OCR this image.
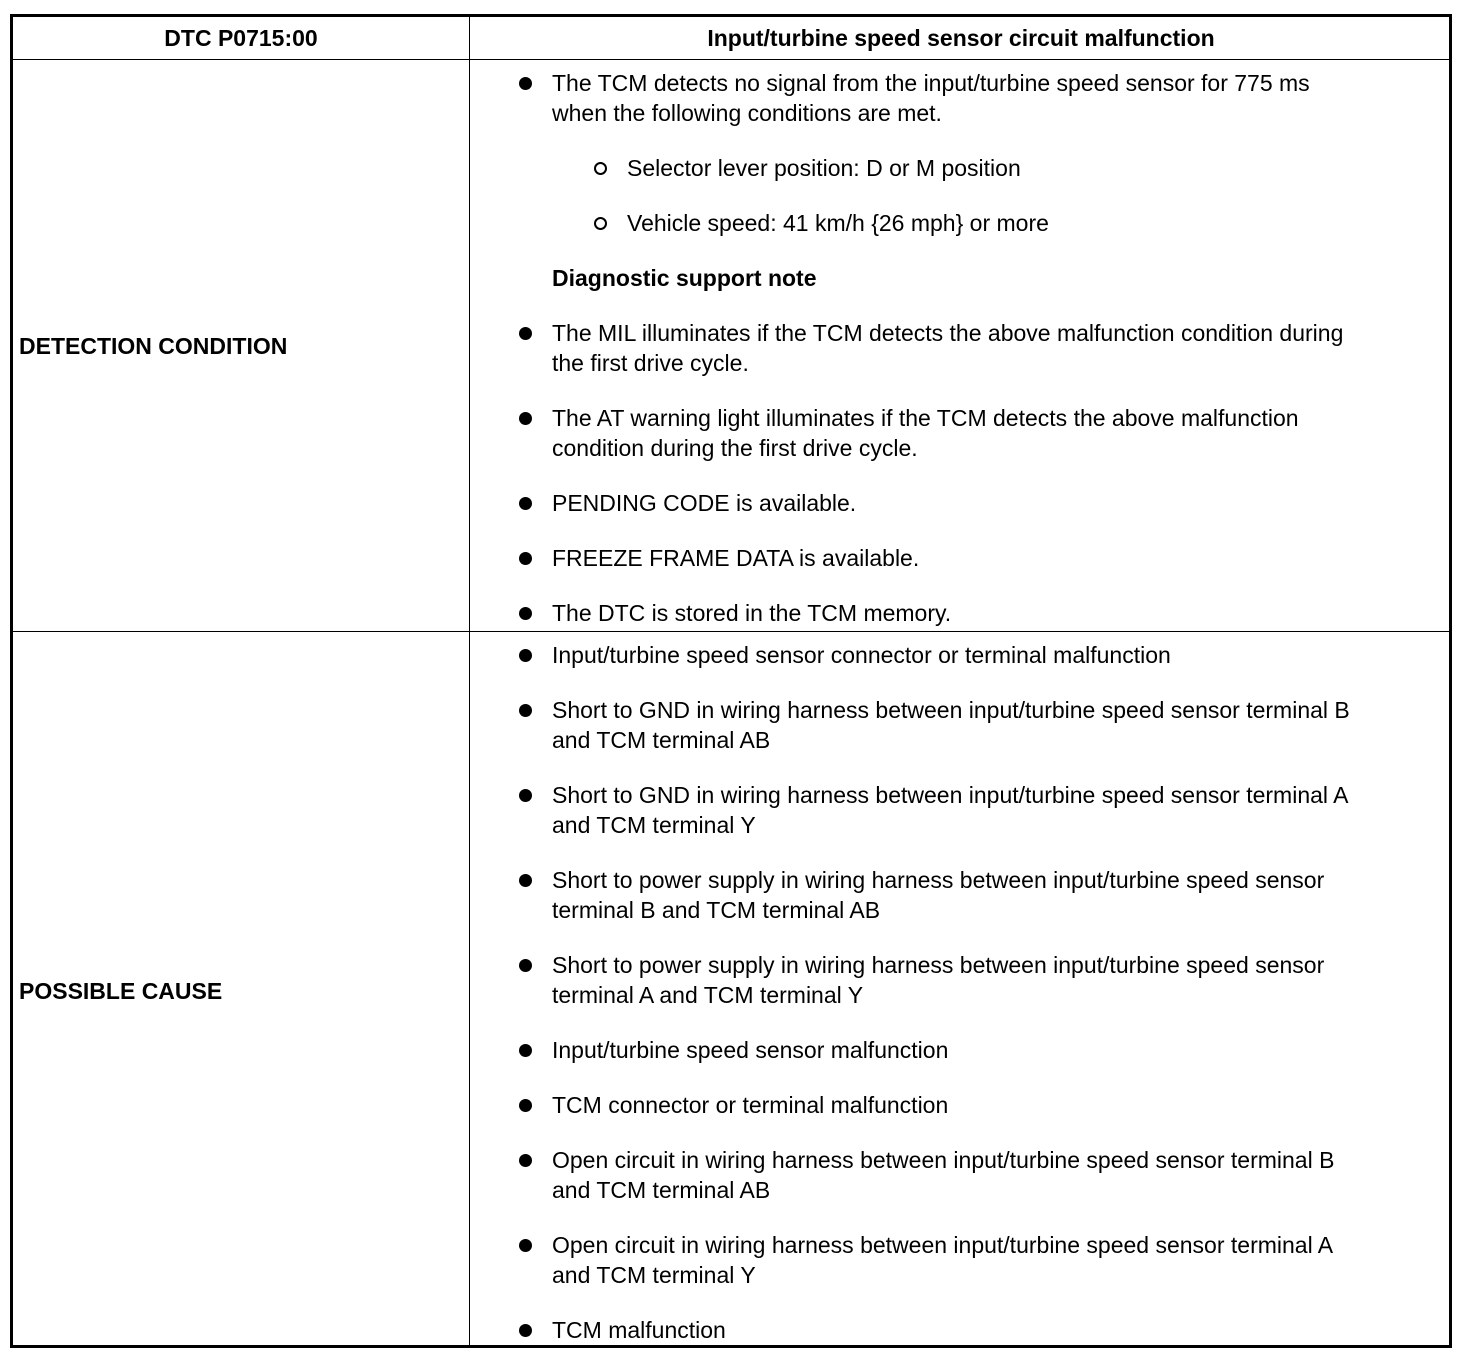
DTC P0715:00	Input/turbine speed sensor circuit malfunction
DETECTION CONDITION
POSSIBLE CAUSE
The TCM detects no signal from the input/turbine speed sensor for 775 ms
when the following conditions are met.
Selector lever position: D or M position
Vehicle speed: 41 km/h {26 mph} or more
Diagnostic support note
The MIL illuminates if the TCM detects the above malfunction condition during
the first drive cycle.
The AT warning light illuminates if the TCM detects the above malfunction
condition during the first drive cycle.
PENDING CODE is available.
FREEZE FRAME DATA is available.
The DTC is stored in the TCM memory.
Input/turbine speed sensor connector or terminal malfunction
Short to GND in wiring harness between input/turbine speed sensor terminal B
and TCM terminal AB
Short to GND in wiring harness between input/turbine speed sensor terminal A
and TCM terminal Y
Short to power supply in wiring harness between input/turbine speed sensor
terminal B and TCM terminal AB
Short to power supply in wiring harness between input/turbine speed sensor
terminal A and TCM terminal Y
Input/turbine speed sensor malfunction
TCM connector or terminal malfunction
Open circuit in wiring harness between input/turbine speed sensor terminal B
and TCM terminal AB
Open circuit in wiring harness between input/turbine speed sensor terminal A
and TCM terminal Y
TCM malfunction
